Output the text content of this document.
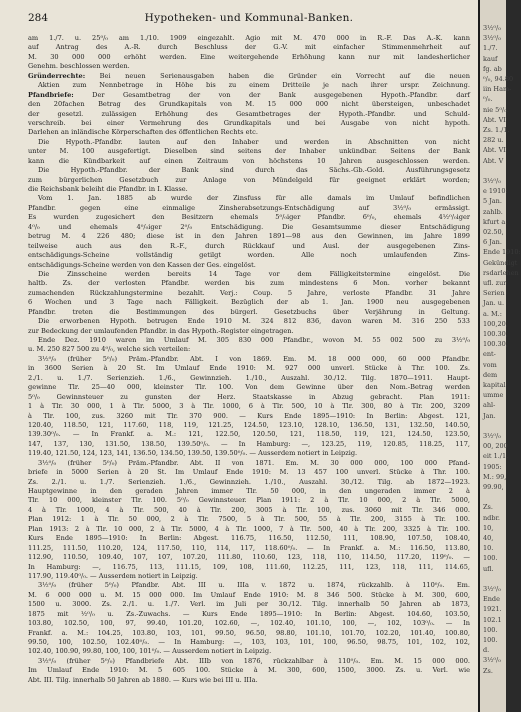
284	Hypotheken- und Kommunal-Banken.
am 1./7. u. 25⁰/₀ am 1./10. 1909 eingezahlt. Agio mit M. 470 000 in R.-F. Das A.-K. kann
auf Antrag des A.-R. durch Beschluss der G.-V. mit einfacher Stimmenmehrheit auf
M. 30 000 000 erhöht werden. Eine weitergehende Erhöhung kann nur mit landesherlicher
Genehm. beschlossen werden.
Gründerrechte: Bei neuen Serienausgaben haben die Gründer ein Vorrecht auf die neuen
Aktien zum Nennbetrage in Höhe bis zu einem Dritteile je nach ihrer urspr. Zeichnung.
Pfandbriefe: Der Gesamtbetrag der von der Bank ausgegebenen Hypoth.-Pfandbr. darf
den 20fachen Betrag des Grundkapitals von M. 15 000 000 nicht übersteigen, unbeschadet
der gesetzl. zulässigen Erhöhung des Gesamtbetrages der Hypoth.-Pfandbr. und Schuld-
verschreib. bei einer Vermehrung des Grundkapitals und bei Ausgabe von nicht hypoth.
Darlehen an inländische Körperschaften des öffentlichen Rechts etc.
Die Hypoth.-Pfandbr. lauten auf den Inhaber und werden in Abschnitten von nicht
unter M. 100 ausgefertigt. Dieselben sind seitens der Inhaber unkündbar. Seitens der Bank
kann die Kündbarkeit auf einen Zeitraum von höchstens 10 Jahren ausgeschlossen werden.
Die Hypoth.-Pfandbr. der Bank sind durch das Sächs.-Gb.-Gold. Ausführungsgesetz
zum bürgerlichen Gesetzbuch zur Anlage von Mündelgeld für geeignet erklärt worden;
die Reichsbank beleiht die Pfandbr. in I. Klasse.
Vom 1. Jan. 1885 ab wurde der Zinsfuss für alle damals im Umlauf befindlichen
Pfandbr. gegen eine einmalige Zinsherabsetzungs-Entschädigung auf 3½⁰/₀ ermässigt.
Es wurden zugesichert den Besitzern ehemals 5⁰/₀iger Pfandbr. 6⁰/₀, ehemals 4½⁰/₀iger
4⁰/₀ und ehemals 4⁰/₀iger 2⁰/₀ Entschädigung. Die Gesamtsumme dieser Entschädigung
betrug M. 4 226 480; diese ist in den Jahren 1891—98 aus den Gewinnen, im Jahre 1899
teilweise auch aus den R.-F., durch Rückkauf und Ausl. der ausgegebenen Zins-
entschädigungs-Scheine vollständig getilgt worden. Alle noch umlaufenden Zins-
entschädigungs-Scheine werden von den Kassen der Ges. eingelöst.
Die Zinsscheine werden bereits 14 Tage vor dem Fälligkeitstermine eingelöst. Die
haltb. Zs. der verlosten Pfandbr. werden bis zum mindestens 6 Mon. vorher bekannt
zumachenden Rückzahlungstermine bezahlt. Verj.: Coup. 5 Jahre, verloste Pfandbr. 31 Jahre
6 Wochen und 3 Tage nach Fälligkeit. Bezüglich der ab 1. Jan. 1900 neu ausgegebenen
Pfandbr. treten die Bestimmungen des bürgerl. Gesetzbuchs über Verjährung in Geltung.
Die erworbenen Hypoth. betrugen Ende 1910 M. 324 812 836, davon waren M. 316 250 533
zur Bedeckung der umlaufenden Pfandbr. in das Hypoth.-Register eingetragen.
Ende Dez. 1910 waren im Umlauf M. 305 830 000 Pfandbr., wovon M. 55 002 500 zu 3½⁰/₀
u. M. 250 827 500 zu 4⁰/₀, welche sich verteilen:
3½⁰/₀ (früher 5⁰/₀) Präm.-Pfandbr. Abt. I von 1869. Em. M. 18 000 000, 60 000 Pfandbr.
in 3600 Serien à 20 St. Im Umlauf Ende 1910: M. 927 000 unverl. Stücke à Thr. 100. Zs.
2./1. u. 1./7. Serienzieh. 1./6., Gewinnzieh. 1./10., Auszahl. 30./12. Tilg. 1870—1911. Haupt-
gewinne Tlr. 25—40 000, kleinster Tlr. 100. Von dem Gewinne über den Nom.-Betrag werden
5⁰/₀ Gewinnsteuer zu gunsten der Herz. Staatskasse in Abzug gebracht. Plan 1911:
1 à Tlr. 30 000, 1 à Tlr. 5000, 3 à Tlr. 1000, 6 à Tlr. 500, 10 à Tlr. 300, 80 à Tlr. 200, 3209
à Tlr. 100, zus. 3260 mit Tlr. 370 900. — Kurs Ende 1895—1910: In Berlin: Abgest. 121,
120.40, 118.50, 121, 117.60, 118, 119, 121.25, 124.50, 123.10, 128.10, 136.50, 131, 132.50, 140.50,
139.30⁰/₀. — In Frankf. a. M.: 121, 122.50, 120.50, 121, 118.50, 119, 121, 124.50, 123.50,
147, 137, 130, 131.50, 138.50, 139.50⁰/₀. — In Hamburg: —, 123.25, 119, 120.85, 118.25, 117,
119.40, 121.50, 124, 123, 141, 136.50, 134.50, 139.50, 139.50⁰/₀. — Ausserdem notiert in Leipzig.
3½⁰/₀ (früher 5⁰/₀) Präm.-Pfandbr. Abt. II von 1871. Em. M. 30 000 000, 100 000 Pfand-
briefe in 5000 Serien à 20 St. Im Umlauf Ende 1910: M. 13 457 100 unverl. Stücke à Thr. 100.
Zs. 2./1. u. 1./7. Serienzieh. 1./6., Gewinnzieh. 1./10., Auszahl. 30./12. Tilg. ab 1872—1923.
Hauptgewinne in den geraden Jahren immer Tlr. 50 000, in den ungeraden immer 2 à
Tlr. 10 000, kleinster Tlr. 100. 5⁰/₀ Gewinnsteuer. Plan 1911: 2 à Tlr. 10 000, 2 à Tlr. 5000,
4 à Tlr. 1000, 4 à Tlr. 500, 40 à Tlr. 200, 3005 à Tlr. 100, zus. 3060 mit Tlr. 346 000.
Plan 1912: 1 à Tlr. 50 000, 2 à Tlr. 7500, 5 à Tlr. 500, 55 à Tlr. 200, 3155 à Tlr. 100.
Plan 1913: 2 à Tlr. 10 000, 2 à Tlr. 5000, 4 à Tlr. 1000, 7 à Tlr. 500, 40 à Tlr. 200, 3325 à Tlr. 100.
Kurs Ende 1895—1910: In Berlin: Abgest. 116.75, 116.50, 112.50, 111, 108.90, 107.50, 108.40,
111.25, 111.50, 110.20, 124, 117.50, 110, 114, 117, 118.60⁰/₀. — In Frankf. a. M.: 116.50, 113.80,
112.90, 110.50, 109.40, 107, 107, 107.20, 111.80, 110.60, 123, 118, 110, 114.50, 117.20, 119⁰/₀. —
In Hamburg: —, 116.75, 113, 111.15, 109, 108, 111.60, 112.25, 111, 123, 118, 111, 114.65,
117.90, 119.40⁰/₀. — Ausserdem notiert in Leipzig.
3½⁰/₀ (früher 5⁰/₀) Pfandbr. Abt. III u. IIIa v. 1872 u. 1874, rückzahlb. à 110⁰/₀. Em.
M. 6 000 000 u. M. 15 000 000. Im Umlauf Ende 1910: M. 8 346 500. Stücke à M. 300, 600,
1500 u. 3000. Zs. 2./1. u. 1./7. Verl. im Juli per 30./12. Tilg. innerhalb 50 Jahren ab 1873,
1875 mit ½⁰/₀ u. Zs.-Zuwachs. — Kurs Ende 1895—1910: In Berlin: Abgest. 104.60, 103.50,
103.80, 102.50, 100, 97, 99.40, 101.20, 102.60, —, 102.40, 101.10, 100, —, 102, 103⁰/₀. — In
Frankf. a. M.: 104.25, 103.80, 103, 101, 99.50, 96.50, 98.80, 101.10, 101.70, 102.20, 101.40, 100.80,
99.50, 100, 102.50, 102.40⁰/₀. — In Hamburg: —, 103, 103, 101, 100, 96.50, 98.75, 101, 102, 102,
102.40, 100.90, 99.80, 100, 100, 101⁰/₀. — Ausserdem notiert in Leipzig.
3½⁰/₀ (früher 5⁰/₀) Pfandbriefe Abt. IIIb von 1876, rückzahlbar à 110⁰/₀. Em. M. 15 000 000.
Im Umlauf Ende 1910: M. 5 605 100. Stücke à M. 300, 600, 1500, 3000. Zs. u. Verl. wie
Abt. III. Tilg. innerhalb 50 Jahren ab 1880. — Kurs wie bei III u. IIIa.
3½⁰/₀
3½⁰/₀
1./7.
kauf
fg. ab
⁰/₀, 94.80
iin Ham-
⁰/₀.
nie 5⁰/₀.
Abt. VI
Zs. 1./1.
282 u.
Abt. VI
Abt. V
3½⁰/₀
e 1910:
5 Jan.
zahlb.
kfurt a.
02.50,
6 Jan.
Ende 1910:
Gekündigt
rsdarlehen
ufl. zur
Serien
Jan. u.
a. M.:
100,20,
100.30,
100.30,
ent-
vom
dem
kapital
umme
ahl-
Jan.
3½⁰/₀
00, 200
eit 1./1.
1905:
M.: 99,
99.90,
Zs.
ndbr.
10,
40,
10.
100.
ufl.
3½⁰/₀
Ende
1921.
102.1
100.
100.
d.
3½⁰/₀
Zs.
